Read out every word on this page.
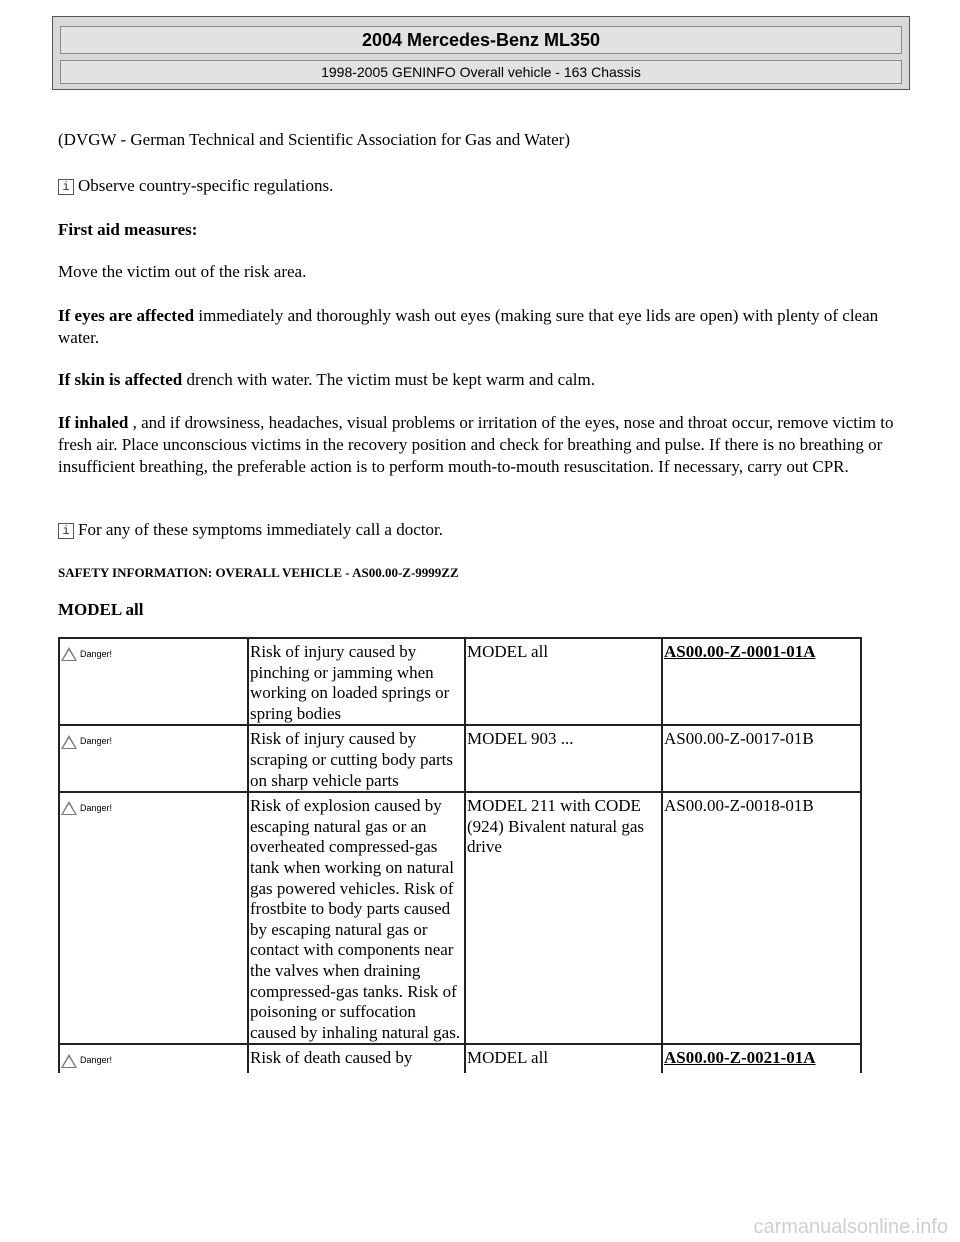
2004 Mercedes-Benz ML350
1998-2005 GENINFO Overall vehicle - 163 Chassis

(DVGW - German Technical and Scientific Association for Gas and Water)

i Observe country-specific regulations.

First aid measures:

Move the victim out of the risk area.

If eyes are affected immediately and thoroughly wash out eyes (making sure that eye lids are open) with plenty of clean water.

If skin is affected drench with water. The victim must be kept warm and calm.

If inhaled , and if drowsiness, headaches, visual problems or irritation of the eyes, nose and throat occur, remove victim to fresh air. Place unconscious victims in the recovery position and check for breathing and pulse. If there is no breathing or insufficient breathing, the preferable action is to perform mouth-to-mouth resuscitation. If necessary, carry out CPR.

i For any of these symptoms immediately call a doctor.

SAFETY INFORMATION: OVERALL VEHICLE - AS00.00-Z-9999ZZ

MODEL all

Danger!	Risk of injury caused by pinching or jamming when working on loaded springs or spring bodies	MODEL all	AS00.00-Z-0001-01A

Danger!	Risk of injury caused by scraping or cutting body parts on sharp vehicle parts	MODEL 903 ...	AS00.00-Z-0017-01B

Danger!	Risk of explosion caused by escaping natural gas or an overheated compressed-gas tank when working on natural gas powered vehicles. Risk of frostbite to body parts caused by escaping natural gas or contact with components near the valves when draining compressed-gas tanks. Risk of poisoning or suffocation caused by inhaling natural gas.	MODEL 211 with CODE (924) Bivalent natural gas drive	AS00.00-Z-0018-01B

Danger!	Risk of death caused by	MODEL all	AS00.00-Z-0021-01A
carmanualsonline.info
